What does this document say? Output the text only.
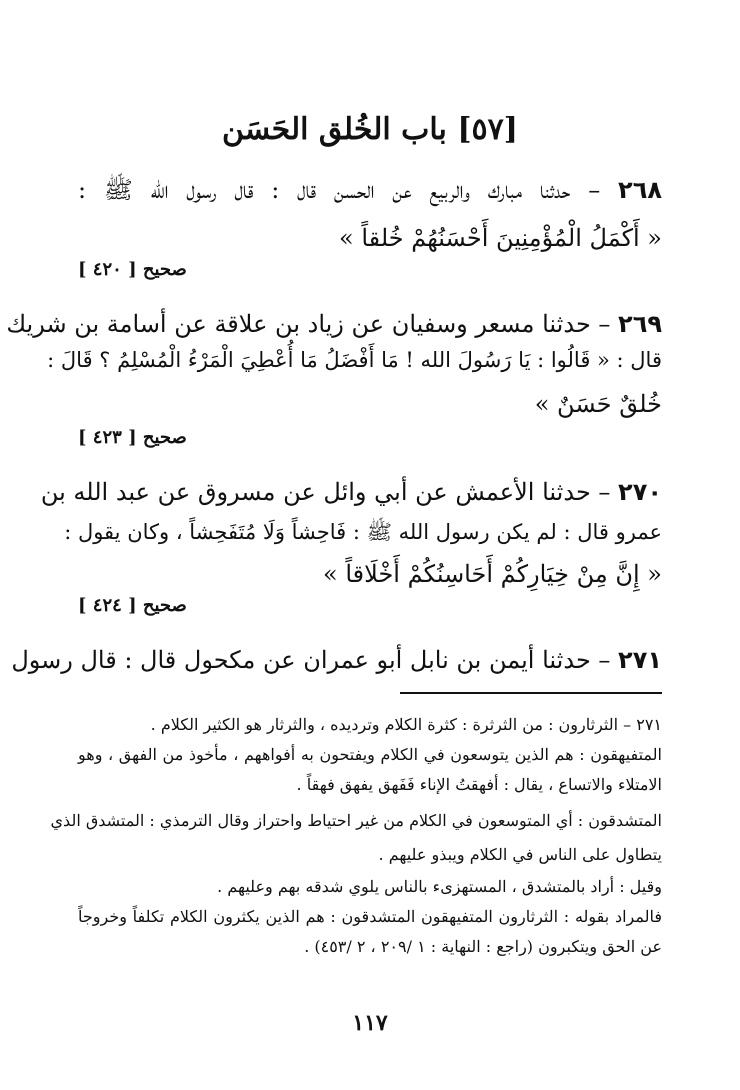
[٥٧] باب الخُلق الحَسَن
٢٦٨ – حدثنا مبارك والربيع عن الحسن قال : قال رسول الله ﷺ :
« أَكْمَلُ الْمُؤْمِنِينَ أَحْسَنُهُمْ خُلقاً »
صحيح [ ٤٢٠ ]
٢٦٩ – حدثنا مسعر وسفيان عن زياد بن علاقة عن أسامة بن شريك
قال : « قَالُوا : يَا رَسُولَ الله ! مَا أَفْضَلُ مَا أُعْطِيَ الْمَرْءُ الْمُسْلِمُ ؟ قَالَ :
خُلقٌ حَسَنٌ »
صحيح [ ٤٢٣ ]
٢٧٠ – حدثنا الأعمش عن أبي وائل عن مسروق عن عبد الله بن
عمرو قال : لم يكن رسول الله ﷺ : فَاحِشاً وَلَا مُتَفَحِشاً ، وكان يقول :
« إِنَّ مِنْ خِيَارِكُمْ أَحَاسِنُكُمْ أَخْلَاقاً »
صحيح [ ٤٢٤ ]
٢٧١ – حدثنا أيمن بن نابل أبو عمران عن مكحول قال : قال رسول
٢٧١ – الثرثارون : من الثرثرة : كثرة الكلام وترديده ، والثرثار هو الكثير الكلام .
المتفيهقون : هم الذين يتوسعون في الكلام ويفتحون به أفواههم ، مأخوذ من الفهق ، وهو
الامتلاء والاتساع ، يقال : أفهقتُ الإناء فَفَهق يفهق فهقاً .
المتشدقون : أي المتوسعون في الكلام من غير احتياط واحتراز وقال الترمذي : المتشدق الذي
يتطاول على الناس في الكلام ويبذو عليهم .
وقيل : أراد بالمتشدق ، المستهزىء بالناس يلوي شدقه بهم وعليهم .
فالمراد بقوله : الثرثارون المتفيهقون المتشدقون : هم الذين يكثرون الكلام تكلفاً وخروجاً
عن الحق ويتكبرون (راجع : النهاية : ١ /٢٠٩ ، ٢ /٤٥٣) .
١١٧
